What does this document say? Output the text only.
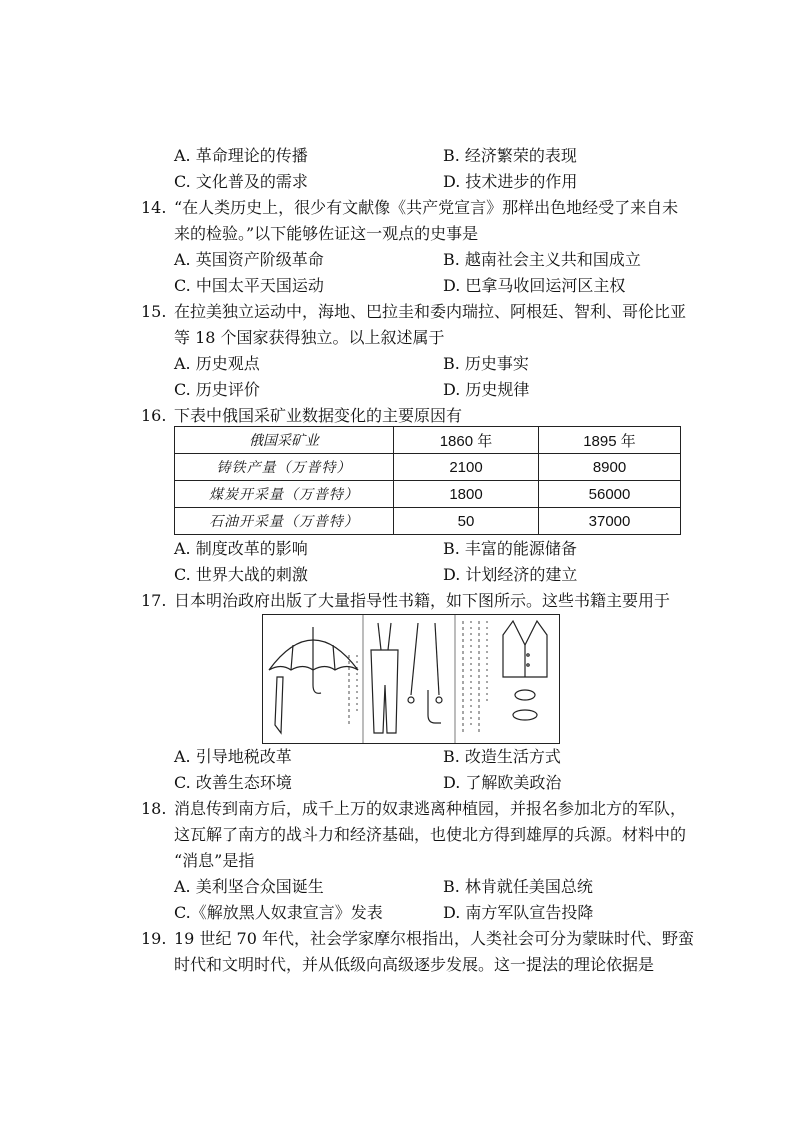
A. 革命理论的传播	B. 经济繁荣的表现
C. 文化普及的需求	D. 技术进步的作用
14. “在人类历史上，很少有文献像《共产党宣言》那样出色地经受了来自未
来的检验。”以下能够佐证这一观点的史事是
A. 英国资产阶级革命	B. 越南社会主义共和国成立
C. 中国太平天国运动	D. 巴拿马收回运河区主权
15. 在拉美独立运动中，海地、巴拉圭和委内瑞拉、阿根廷、智利、哥伦比亚
等 18 个国家获得独立。以上叙述属于
A. 历史观点	B. 历史事实
C. 历史评价	D. 历史规律
16. 下表中俄国采矿业数据变化的主要原因有
俄国采矿业	1860 年	1895 年
铸铁产量（万普特）	2100	8900
煤炭开采量（万普特）	1800	56000
石油开采量（万普特）	50	37000
A. 制度改革的影响	B. 丰富的能源储备
C. 世界大战的刺激	D. 计划经济的建立
17. 日本明治政府出版了大量指导性书籍，如下图所示。这些书籍主要用于
A. 引导地税改革	B. 改造生活方式
C. 改善生态环境	D. 了解欧美政治
18. 消息传到南方后，成千上万的奴隶逃离种植园，并报名参加北方的军队，
这瓦解了南方的战斗力和经济基础，也使北方得到雄厚的兵源。材料中的
“消息”是指
A. 美利坚合众国诞生	B. 林肯就任美国总统
C.《解放黑人奴隶宣言》发表	D. 南方军队宣告投降
19. 19 世纪 70 年代，社会学家摩尔根指出，人类社会可分为蒙昧时代、野蛮
时代和文明时代，并从低级向高级逐步发展。这一提法的理论依据是
